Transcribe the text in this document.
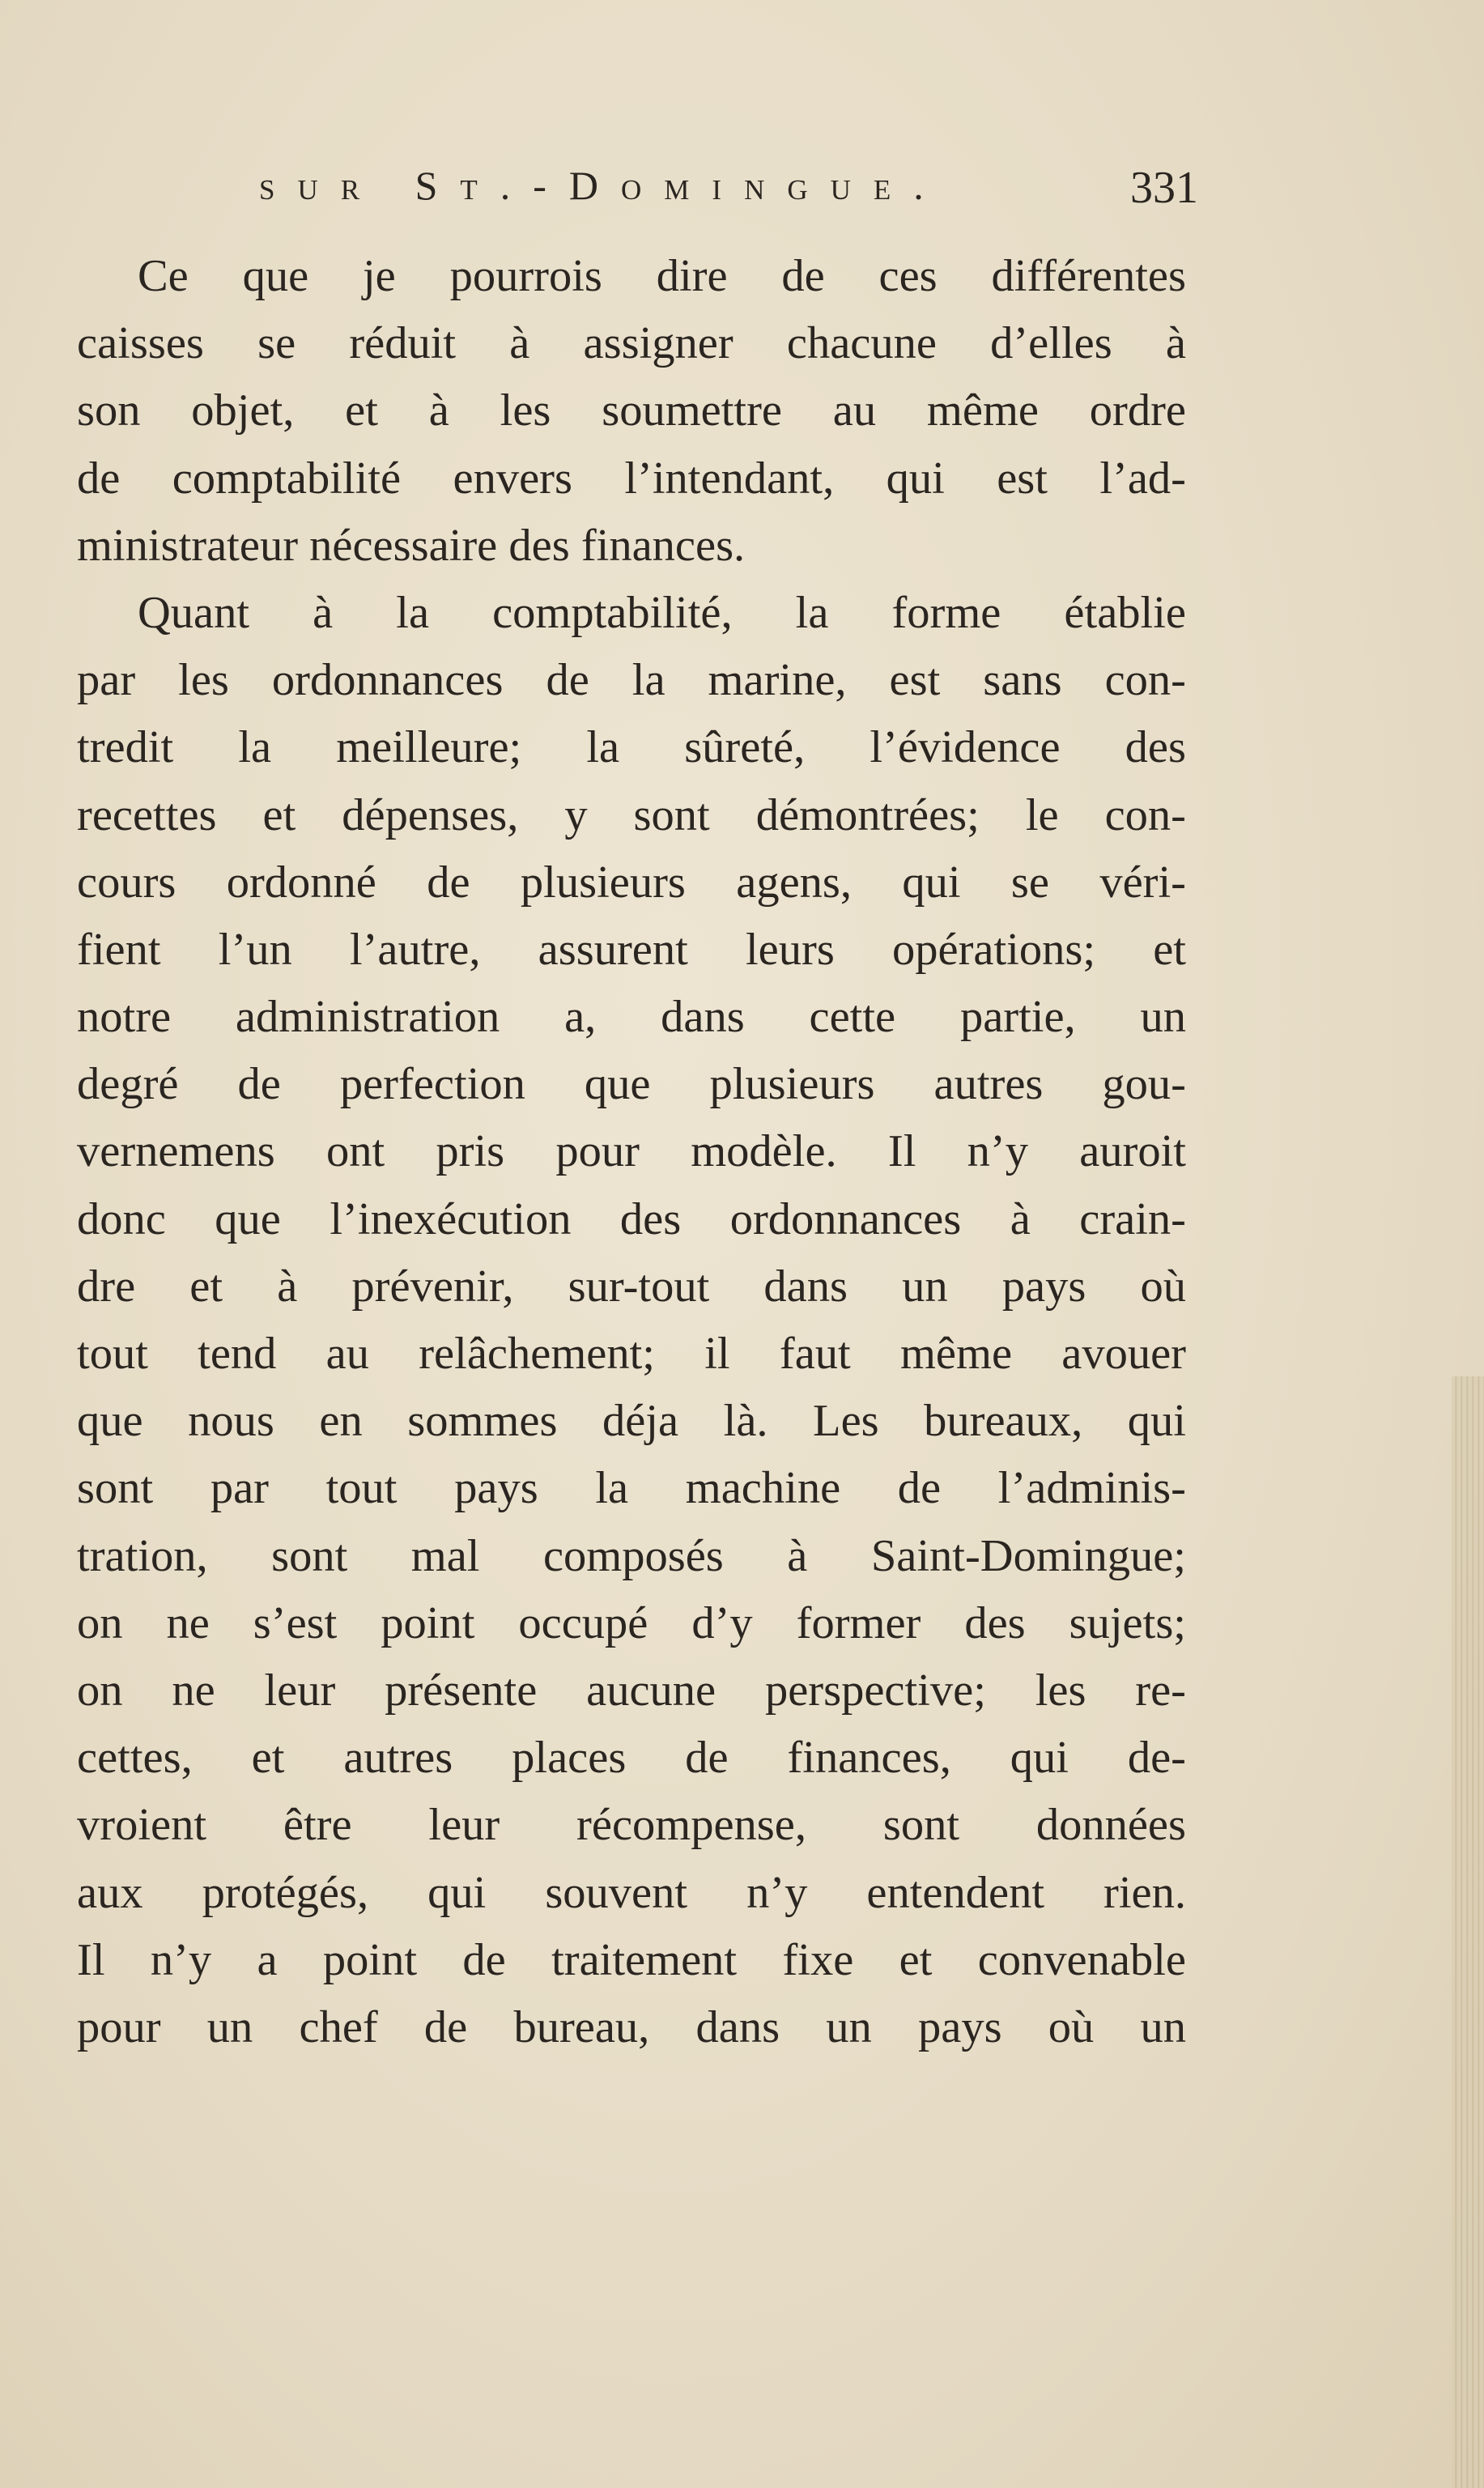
sur St.-Domingue.	331
Ce que je pourrois dire de ces différentes
caisses se réduit à assigner chacune d’elles à
son objet, et à les soumettre au même ordre
de comptabilité envers l’intendant, qui est l’ad-
ministrateur nécessaire des finances.
Quant à la comptabilité, la forme établie
par les ordonnances de la marine, est sans con-
tredit la meilleure; la sûreté, l’évidence des
recettes et dépenses, y sont démontrées; le con-
cours ordonné de plusieurs agens, qui se véri-
fient l’un l’autre, assurent leurs opérations; et
notre administration a, dans cette partie, un
degré de perfection que plusieurs autres gou-
vernemens ont pris pour modèle. Il n’y auroit
donc que l’inexécution des ordonnances à crain-
dre et à prévenir, sur-tout dans un pays où
tout tend au relâchement; il faut même avouer
que nous en sommes déja là. Les bureaux, qui
sont par tout pays la machine de l’adminis-
tration, sont mal composés à Saint-Domingue;
on ne s’est point occupé d’y former des sujets;
on ne leur présente aucune perspective; les re-
cettes, et autres places de finances, qui de-
vroient être leur récompense, sont données
aux protégés, qui souvent n’y entendent rien.
Il n’y a point de traitement fixe et convenable
pour un chef de bureau, dans un pays où un
